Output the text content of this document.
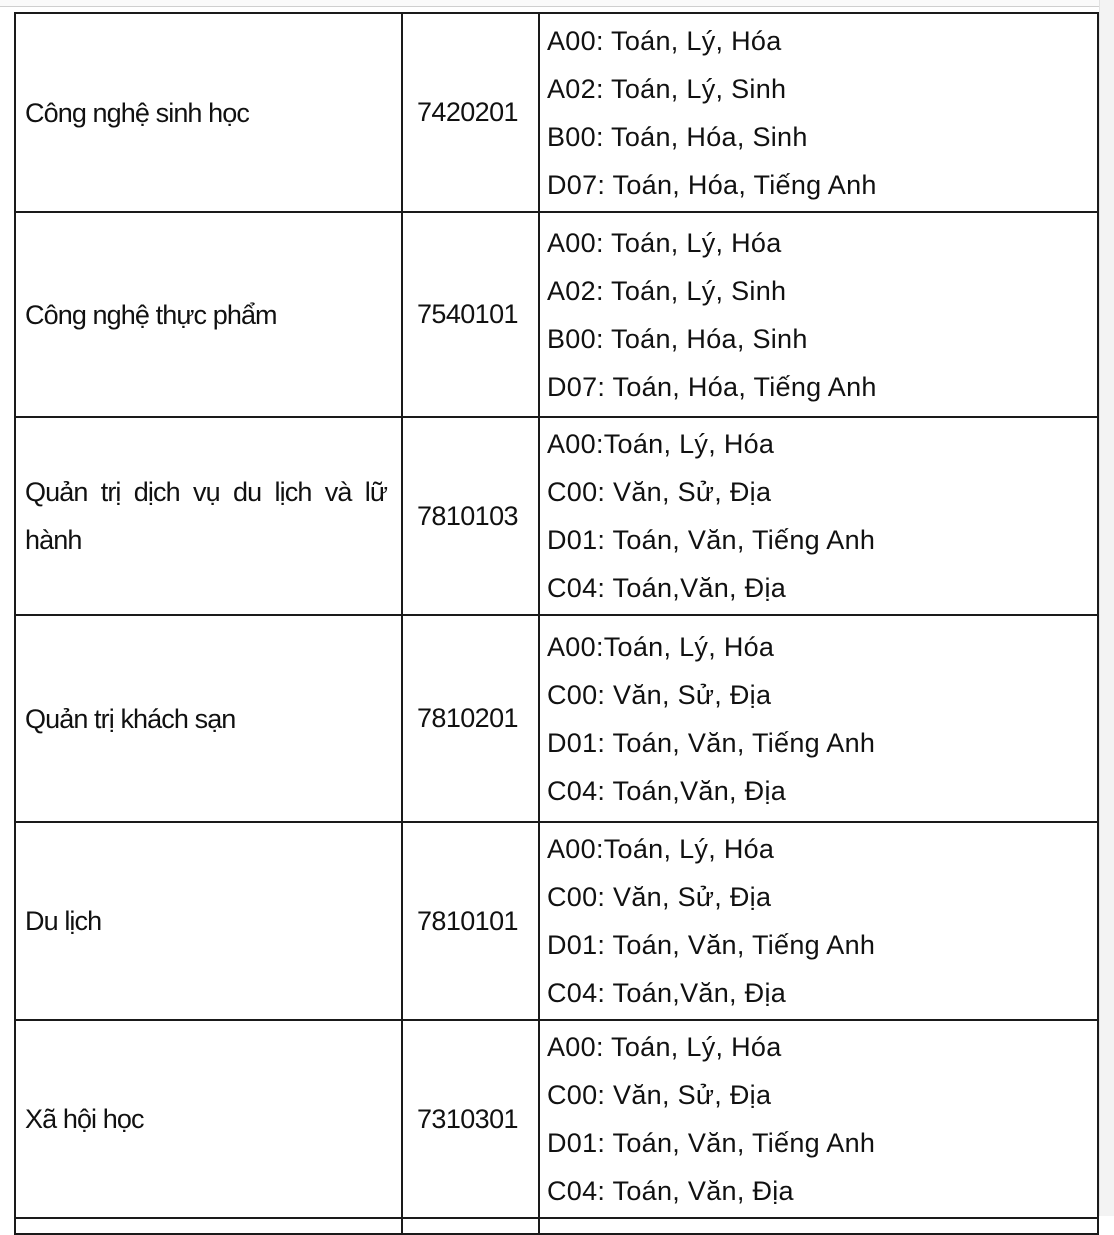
Công nghệ sinh học	7420201	A00: Toán, Lý, Hóa
A02: Toán, Lý, Sinh
B00: Toán, Hóa, Sinh
D07: Toán, Hóa, Tiếng Anh

Công nghệ thực phẩm	7540101	A00: Toán, Lý, Hóa
A02: Toán, Lý, Sinh
B00: Toán, Hóa, Sinh
D07: Toán, Hóa, Tiếng Anh

Quản trị dịch vụ du lịch và lữ hành	7810103	A00:Toán, Lý, Hóa
C00: Văn, Sử, Địa
D01: Toán, Văn, Tiếng Anh
C04: Toán,Văn, Địa

Quản trị khách sạn	7810201	A00:Toán, Lý, Hóa
C00: Văn, Sử, Địa
D01: Toán, Văn, Tiếng Anh
C04: Toán,Văn, Địa

Du lịch	7810101	A00:Toán, Lý, Hóa
C00: Văn, Sử, Địa
D01: Toán, Văn, Tiếng Anh
C04: Toán,Văn, Địa

Xã hội học	7310301	A00: Toán, Lý, Hóa
C00: Văn, Sử, Địa
D01: Toán, Văn, Tiếng Anh
C04: Toán, Văn, Địa
